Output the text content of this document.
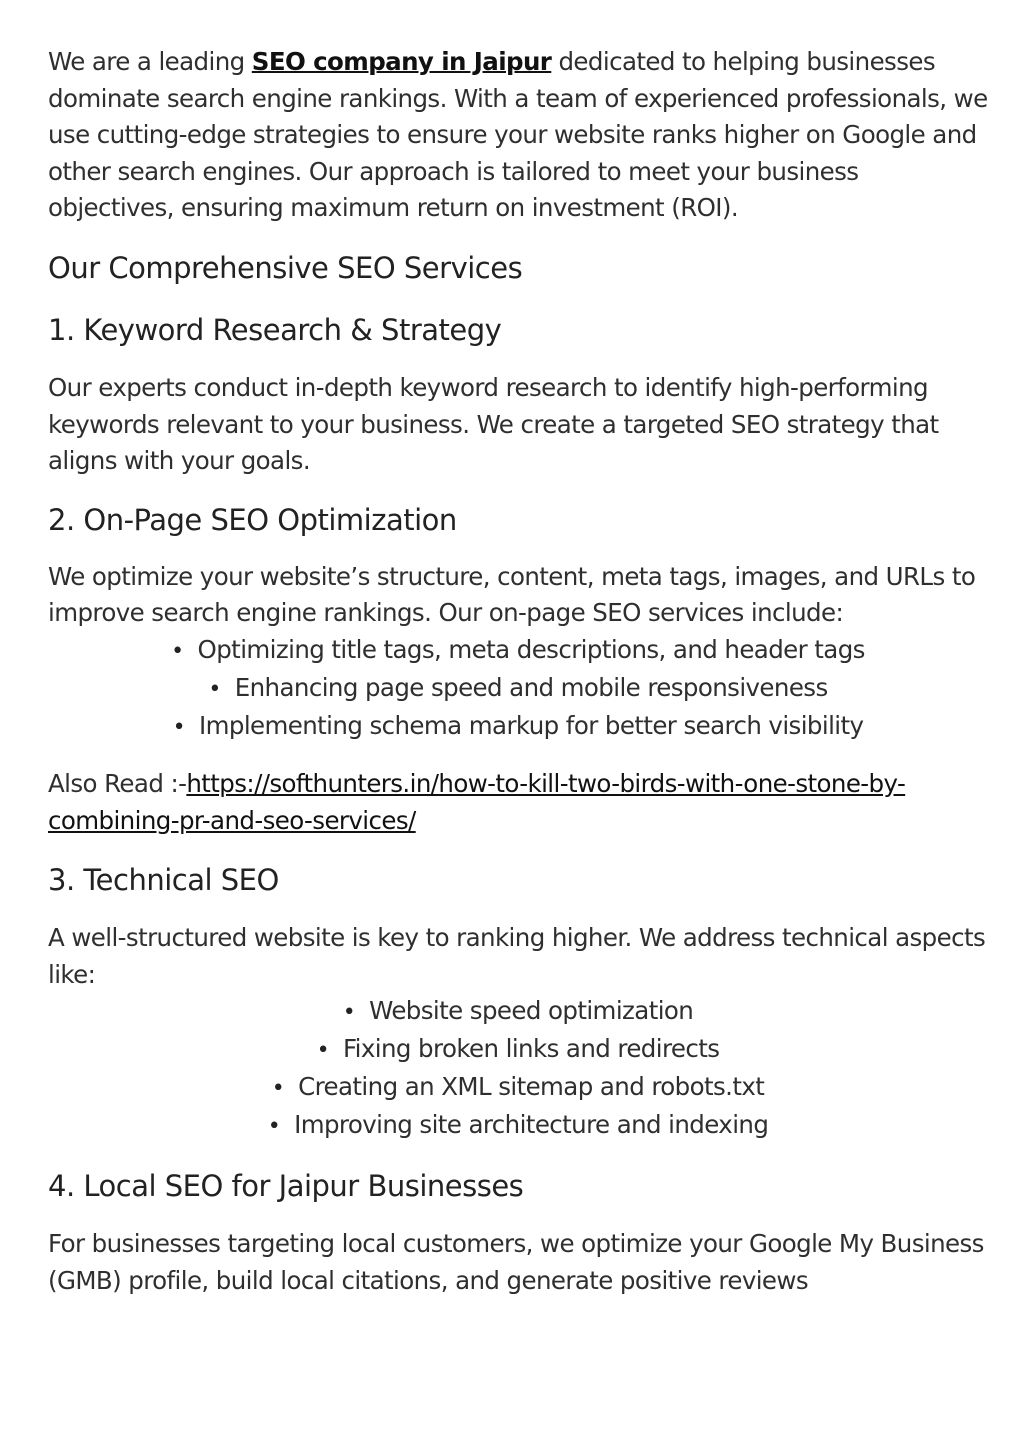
We are a leading SEO company in Jaipur dedicated to helping businesses dominate search engine rankings. With a team of experienced professionals, we use cutting-edge strategies to ensure your website ranks higher on Google and other search engines. Our approach is tailored to meet your business objectives, ensuring maximum return on investment (ROI).

Our Comprehensive SEO Services
1. Keyword Research & Strategy

Our experts conduct in-depth keyword research to identify high-performing keywords relevant to your business. We create a targeted SEO strategy that aligns with your goals.

2. On-Page SEO Optimization

We optimize your website’s structure, content, meta tags, images, and URLs to improve search engine rankings. Our on-page SEO services include:

• Optimizing title tags, meta descriptions, and header tags
• Enhancing page speed and mobile responsiveness
• Implementing schema markup for better search visibility

Also Read :-https://softhunters.in/how-to-kill-two-birds-with-one-stone-by-combining-pr-and-seo-services/

3. Technical SEO

A well-structured website is key to ranking higher. We address technical aspects like:

• Website speed optimization
• Fixing broken links and redirects
• Creating an XML sitemap and robots.txt
• Improving site architecture and indexing
4. Local SEO for Jaipur Businesses

For businesses targeting local customers, we optimize your Google My Business (GMB) profile, build local citations, and generate positive reviews
